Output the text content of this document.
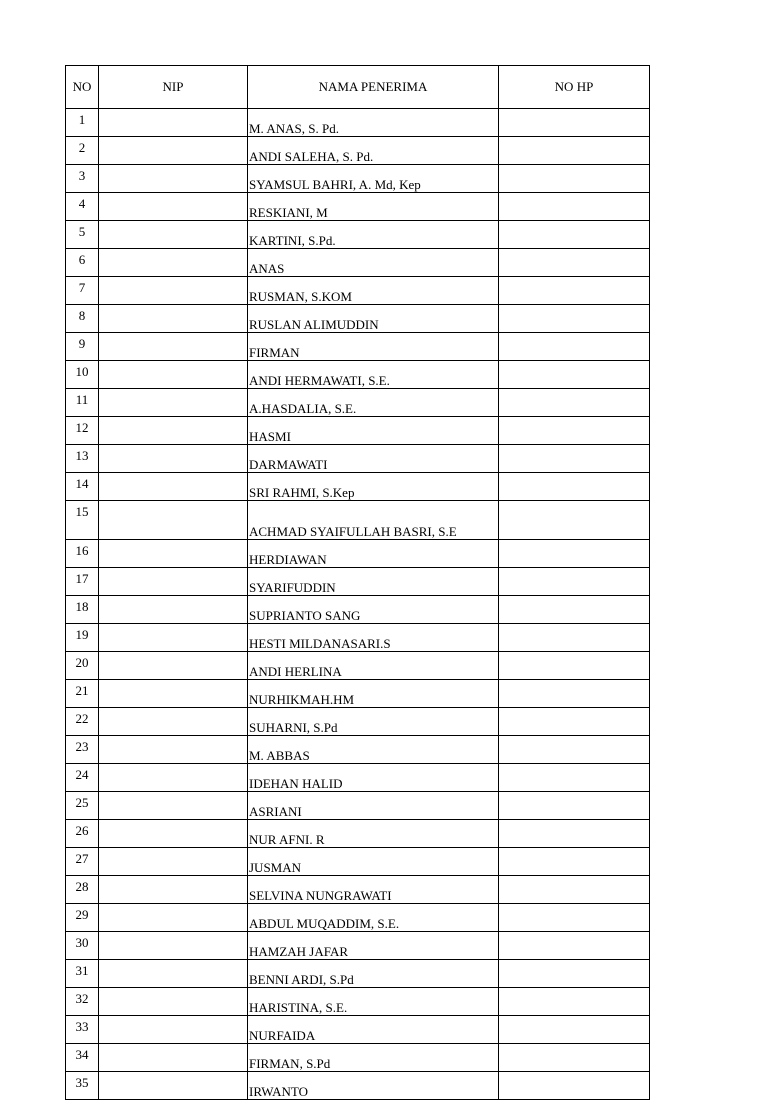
NO	NIP	NAMA PENERIMA	NO HP
1		M. ANAS, S. Pd.	
2		ANDI SALEHA, S. Pd.	
3		SYAMSUL BAHRI, A. Md, Kep	
4		RESKIANI, M	
5		KARTINI, S.Pd.	
6		ANAS	
7		RUSMAN, S.KOM	
8		RUSLAN ALIMUDDIN	
9		FIRMAN	
10		ANDI HERMAWATI, S.E.	
11		A.HASDALIA, S.E.	
12		HASMI	
13		DARMAWATI	
14		SRI RAHMI, S.Kep	
15		ACHMAD SYAIFULLAH BASRI, S.E	
16		HERDIAWAN	
17		SYARIFUDDIN	
18		SUPRIANTO SANG	
19		HESTI MILDANASARI.S	
20		ANDI HERLINA	
21		NURHIKMAH.HM	
22		SUHARNI, S.Pd	
23		M. ABBAS	
24		IDEHAN HALID	
25		ASRIANI	
26		NUR AFNI. R	
27		JUSMAN	
28		SELVINA NUNGRAWATI	
29		ABDUL MUQADDIM, S.E.	
30		HAMZAH JAFAR	
31		BENNI ARDI, S.Pd	
32		HARISTINA, S.E.	
33		NURFAIDA	
34		FIRMAN, S.Pd	
35		IRWANTO	
